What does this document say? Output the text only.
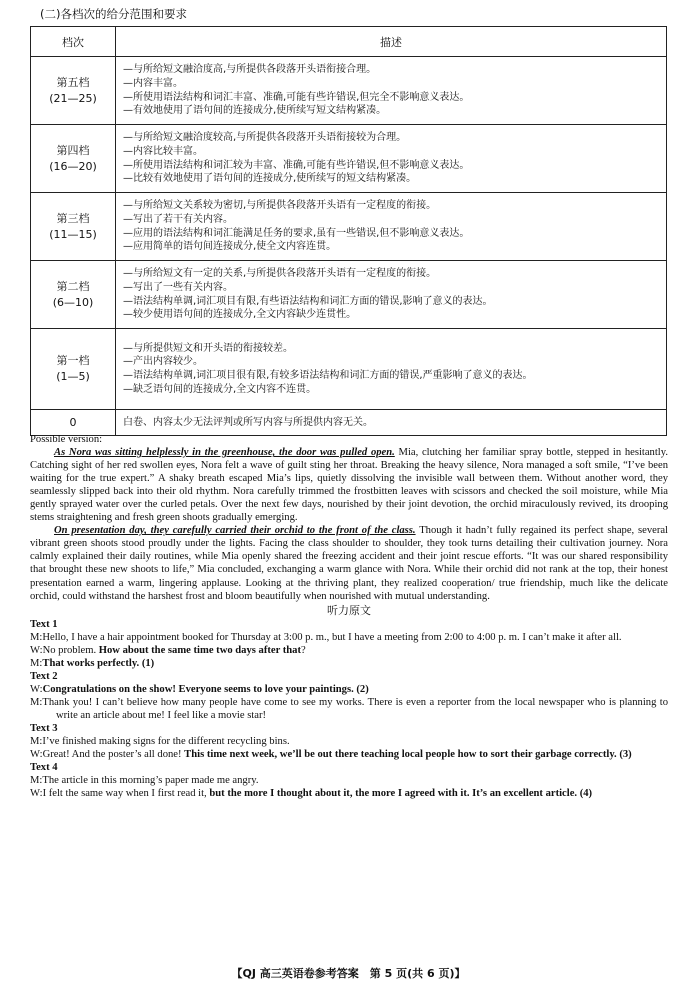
(二)各档次的给分范围和要求
档次	描述

第五档
(21—25)	—与所给短文融洽度高,与所提供各段落开头语衔接合理。
—内容丰富。
—所使用语法结构和词汇丰富、准确,可能有些许错误,但完全不影响意义表达。
—有效地使用了语句间的连接成分,使所续写短文结构紧凑。

第四档
(16—20)	—与所给短文融洽度较高,与所提供各段落开头语衔接较为合理。
—内容比较丰富。
—所使用语法结构和词汇较为丰富、准确,可能有些许错误,但不影响意义表达。
—比较有效地使用了语句间的连接成分,使所续写的短文结构紧凑。

第三档
(11—15)	—与所给短文关系较为密切,与所提供各段落开头语有一定程度的衔接。
—写出了若干有关内容。
—应用的语法结构和词汇能满足任务的要求,虽有一些错误,但不影响意义表达。
—应用简单的语句间连接成分,使全文内容连贯。

第二档
(6—10)	—与所给短文有一定的关系,与所提供各段落开头语有一定程度的衔接。
—写出了一些有关内容。
—语法结构单调,词汇项目有限,有些语法结构和词汇方面的错误,影响了意义的表达。
—较少使用语句间的连接成分,全文内容缺少连贯性。

第一档
(1—5)	—与所提供短文和开头语的衔接较差。
—产出内容较少。
—语法结构单调,词汇项目很有限,有较多语法结构和词汇方面的错误,严重影响了意义的表达。
—缺乏语句间的连接成分,全文内容不连贯。

0	白卷、内容太少无法评判或所写内容与所提供内容无关。

Possible version:

As Nora was sitting helplessly in the greenhouse, the door was pulled open. Mia, clutching her familiar spray bottle, stepped in hesitantly. Catching sight of her red swollen eyes, Nora felt a wave of guilt sting her throat. Breaking the heavy silence, Nora managed a soft smile, “I’ve been waiting for the true expert.” A shaky breath escaped Mia’s lips, quietly dissolving the invisible wall between them. Without another word, they seamlessly slipped back into their old rhythm. Nora carefully trimmed the frostbitten leaves with scissors and checked the soil moisture, while Mia gently sprayed water over the curled petals. Over the next few days, nourished by their joint devotion, the orchid miraculously revived, its drooping stems straightening and fresh green shoots gradually emerging.

On presentation day, they carefully carried their orchid to the front of the class. Though it hadn’t fully regained its perfect shape, several vibrant green shoots stood proudly under the lights. Facing the class shoulder to shoulder, they took turns detailing their cultivation journey. Nora calmly explained their daily routines, while Mia openly shared the freezing accident and their joint rescue efforts. “It was our shared responsibility that brought these new shoots to life,” Mia concluded, exchanging a warm glance with Nora. While their orchid did not rank at the top, their honest presentation earned a warm, lingering applause. Looking at the thriving plant, they realized cooperation/ true friendship, much like the delicate orchid, could withstand the harshest frost and bloom beautifully when nourished with mutual understanding.

听力原文

Text 1

M:Hello, I have a hair appointment booked for Thursday at 3:00 p. m., but I have a meeting from 2:00 to 4:00 p. m. I can’t make it after all.

W:No problem. How about the same time two days after that?

M:That works perfectly. (1)

Text 2

W:Congratulations on the show! Everyone seems to love your paintings. (2)

M:Thank you! I can’t believe how many people have come to see my works. There is even a reporter from the local newspaper who is planning to write an article about me! I feel like a movie star!

Text 3

M:I’ve finished making signs for the different recycling bins.

W:Great! And the poster’s all done! This time next week, we’ll be out there teaching local people how to sort their garbage correctly. (3)

Text 4

M:The article in this morning’s paper made me angry.

W:I felt the same way when I first read it, but the more I thought about it, the more I agreed with it. It’s an excellent article. (4)

【QJ 高三英语卷参考答案　第 5 页(共 6 页)】
